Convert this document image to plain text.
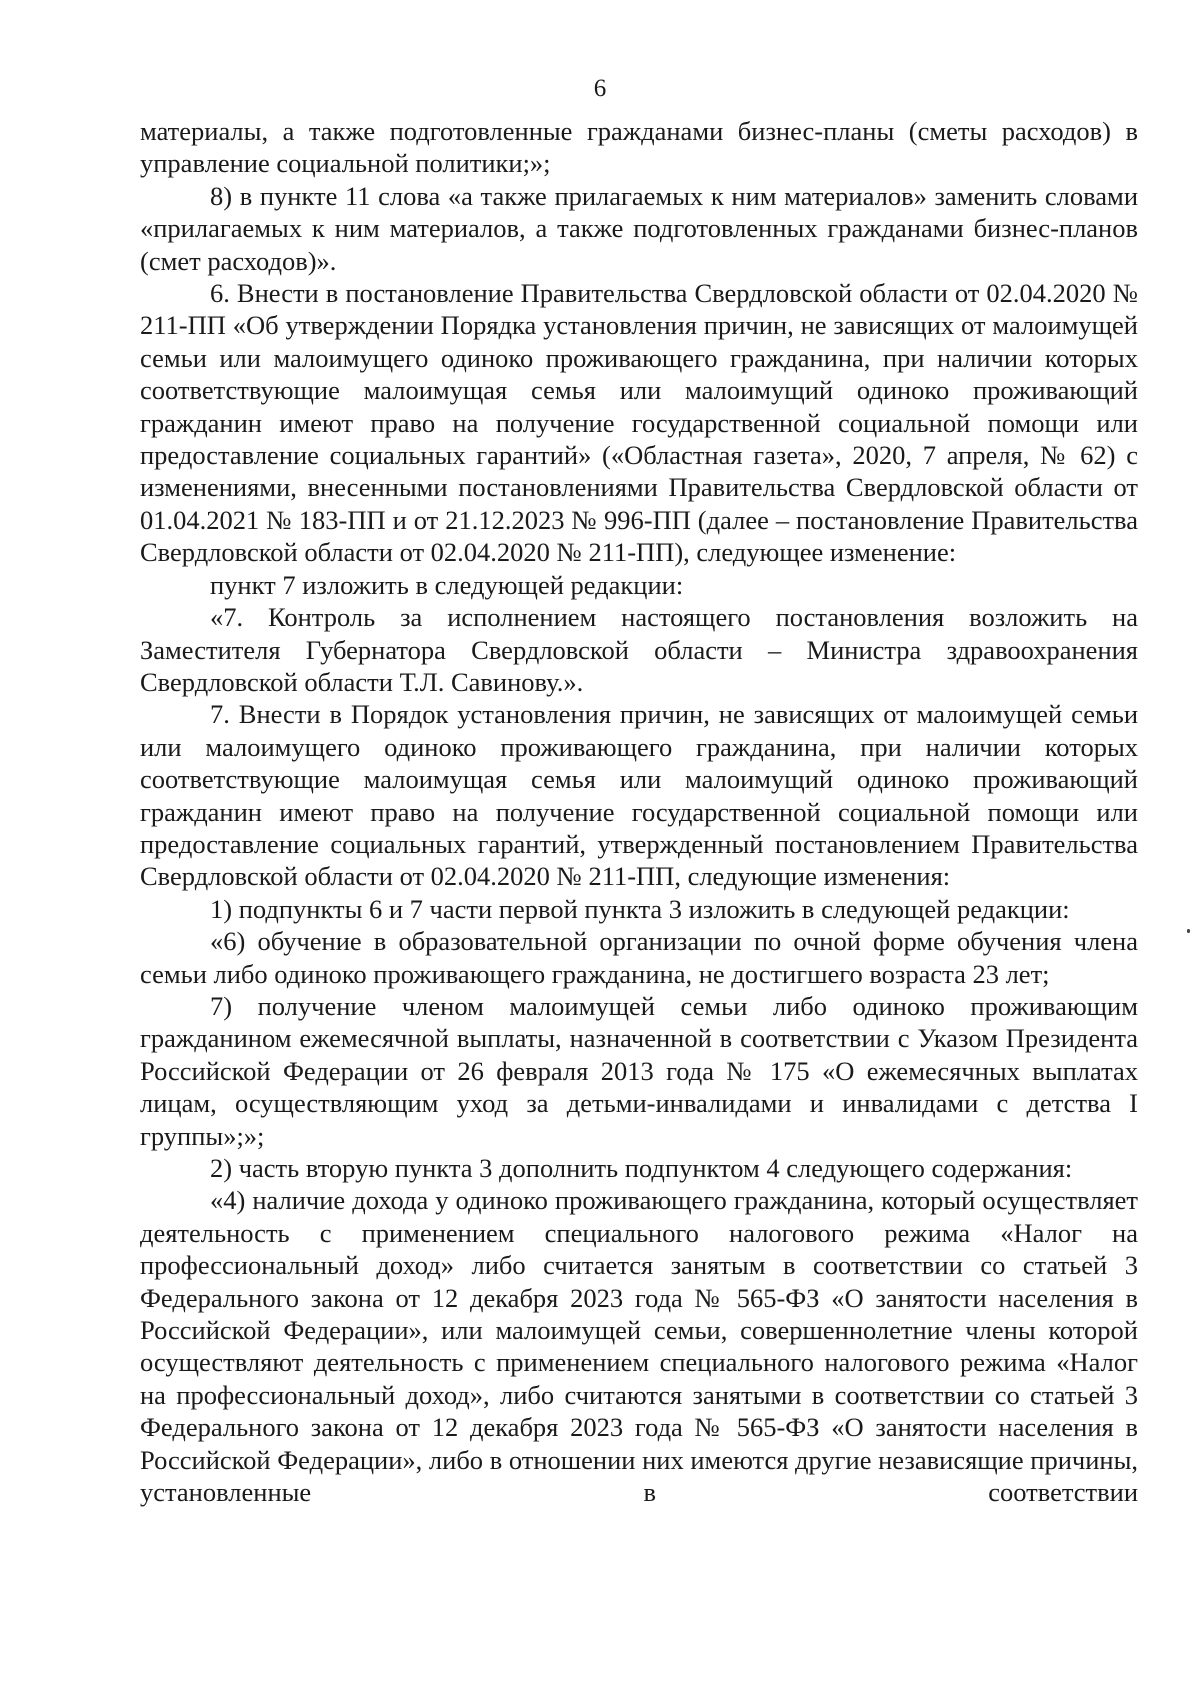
6

материалы, а также подготовленные гражданами бизнес-планы (сметы расходов) в управление социальной политики;»;

8) в пункте 11 слова «а также прилагаемых к ним материалов» заменить словами «прилагаемых к ним материалов, а также подготовленных гражданами бизнес-планов (смет расходов)».

6. Внести в постановление Правительства Свердловской области от 02.04.2020 № 211-ПП «Об утверждении Порядка установления причин, не зависящих от малоимущей семьи или малоимущего одиноко проживающего гражданина, при наличии которых соответствующие малоимущая семья или малоимущий одиноко проживающий гражданин имеют право на получение государственной социальной помощи или предоставление социальных гарантий» («Областная газета», 2020, 7 апреля, № 62) с изменениями, внесенными постановлениями Правительства Свердловской области от 01.04.2021 № 183-ПП и от 21.12.2023 № 996-ПП (далее – постановление Правительства Свердловской области от 02.04.2020 № 211-ПП), следующее изменение:

пункт 7 изложить в следующей редакции:

«7. Контроль за исполнением настоящего постановления возложить на Заместителя Губернатора Свердловской области – Министра здравоохранения Свердловской области Т.Л. Савинову.».

7. Внести в Порядок установления причин, не зависящих от малоимущей семьи или малоимущего одиноко проживающего гражданина, при наличии которых соответствующие малоимущая семья или малоимущий одиноко проживающий гражданин имеют право на получение государственной социальной помощи или предоставление социальных гарантий, утвержденный постановлением Правительства Свердловской области от 02.04.2020 № 211-ПП, следующие изменения:

1) подпункты 6 и 7 части первой пункта 3 изложить в следующей редакции:

«6) обучение в образовательной организации по очной форме обучения члена семьи либо одиноко проживающего гражданина, не достигшего возраста 23 лет;

7) получение членом малоимущей семьи либо одиноко проживающим гражданином ежемесячной выплаты, назначенной в соответствии с Указом Президента Российской Федерации от 26 февраля 2013 года № 175 «О ежемесячных выплатах лицам, осуществляющим уход за детьми-инвалидами и инвалидами с детства I группы»;»;

2) часть вторую пункта 3 дополнить подпунктом 4 следующего содержания:

«4) наличие дохода у одиноко проживающего гражданина, который осуществляет деятельность с применением специального налогового режима «Налог на профессиональный доход» либо считается занятым в соответствии со статьей 3 Федерального закона от 12 декабря 2023 года № 565-ФЗ «О занятости населения в Российской Федерации», или малоимущей семьи, совершеннолетние члены которой осуществляют деятельность с применением специального налогового режима «Налог на профессиональный доход», либо считаются занятыми в соответствии со статьей 3 Федерального закона от 12 декабря 2023 года № 565-ФЗ «О занятости населения в Российской Федерации», либо в отношении них имеются другие независящие причины, установленные в соответствии
